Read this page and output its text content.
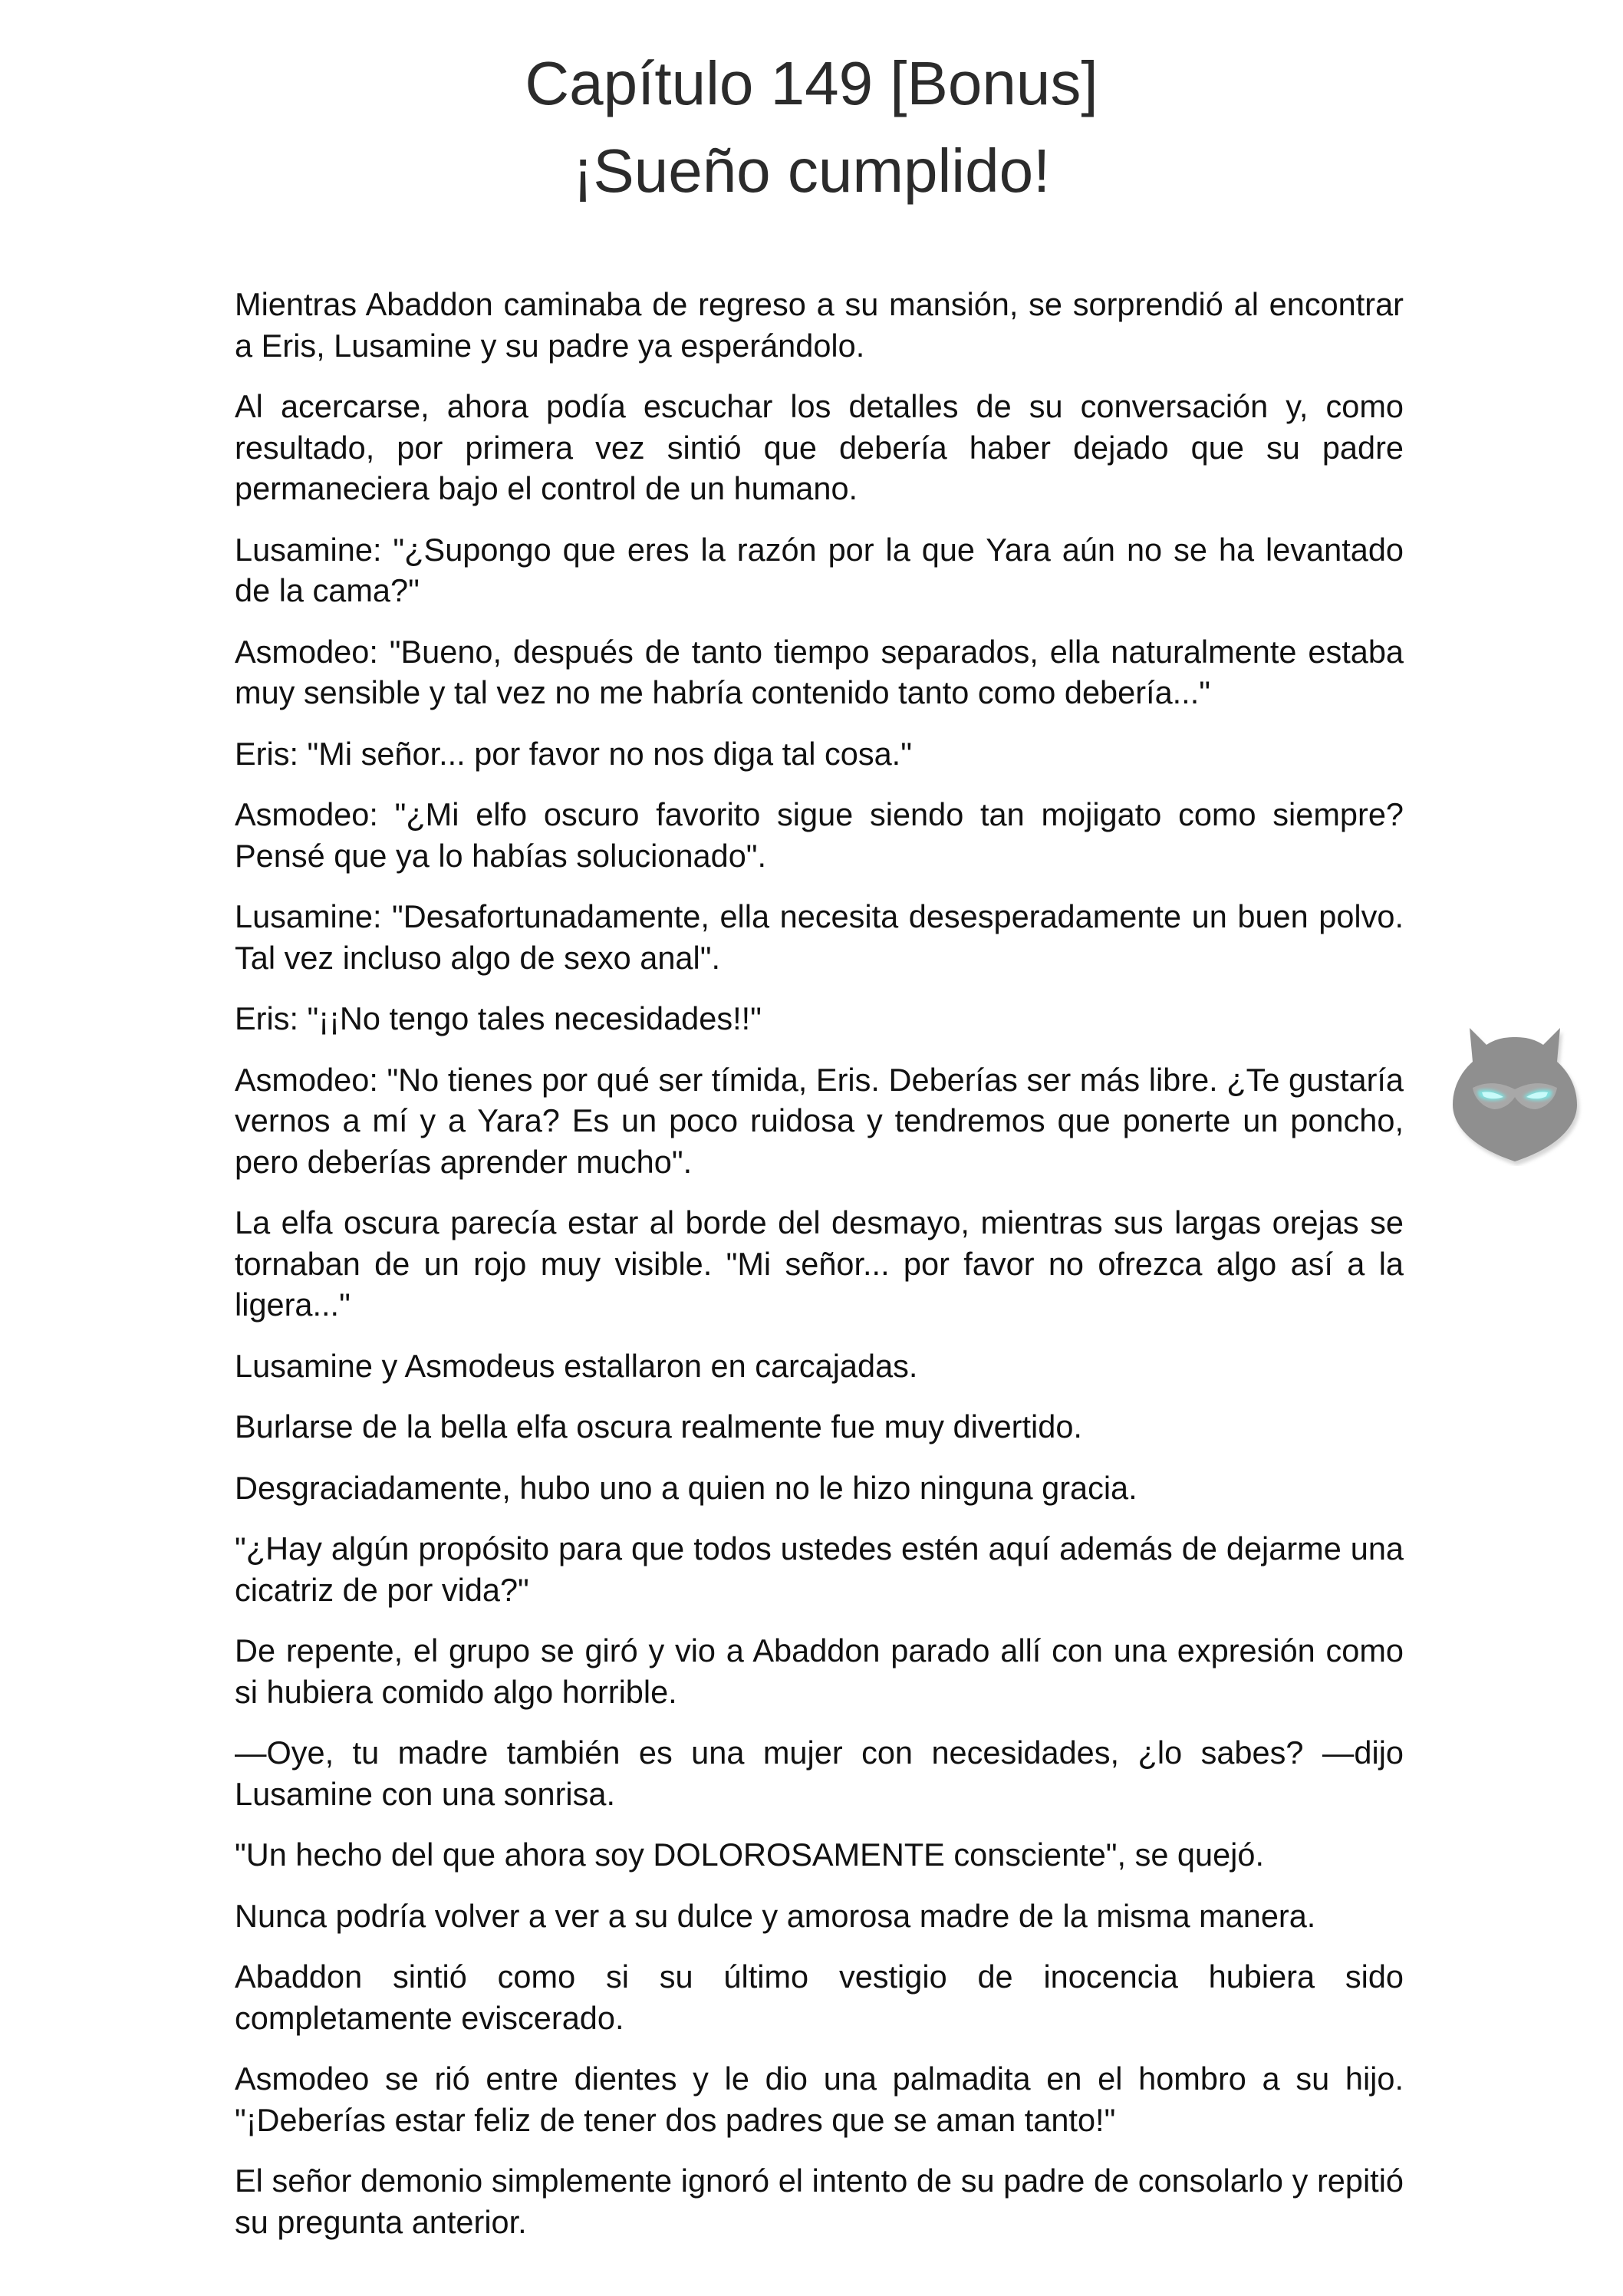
Capítulo 149 [Bonus]
¡Sueño cumplido!

Mientras Abaddon caminaba de regreso a su mansión, se sorprendió al encontrar a Eris, Lusamine y su padre ya esperándolo.

Al acercarse, ahora podía escuchar los detalles de su conversación y, como resultado, por primera vez sintió que debería haber dejado que su padre permaneciera bajo el control de un humano.

Lusamine: "¿Supongo que eres la razón por la que Yara aún no se ha levantado de la cama?"

Asmodeo: "Bueno, después de tanto tiempo separados, ella naturalmente estaba muy sensible y tal vez no me habría contenido tanto como debería..."

Eris: "Mi señor... por favor no nos diga tal cosa."

Asmodeo: "¿Mi elfo oscuro favorito sigue siendo tan mojigato como siempre? Pensé que ya lo habías solucionado".

Lusamine: "Desafortunadamente, ella necesita desesperadamente un buen polvo. Tal vez incluso algo de sexo anal".

Eris: "¡¡No tengo tales necesidades!!"

Asmodeo: "No tienes por qué ser tímida, Eris. Deberías ser más libre. ¿Te gustaría vernos a mí y a Yara? Es un poco ruidosa y tendremos que ponerte un poncho, pero deberías aprender mucho".

La elfa oscura parecía estar al borde del desmayo, mientras sus largas orejas se tornaban de un rojo muy visible. "Mi señor... por favor no ofrezca algo así a la ligera..."

Lusamine y Asmodeus estallaron en carcajadas.

Burlarse de la bella elfa oscura realmente fue muy divertido.

Desgraciadamente, hubo uno a quien no le hizo ninguna gracia.

"¿Hay algún propósito para que todos ustedes estén aquí además de dejarme una cicatriz de por vida?"

De repente, el grupo se giró y vio a Abaddon parado allí con una expresión como si hubiera comido algo horrible.

—Oye, tu madre también es una mujer con necesidades, ¿lo sabes? —dijo Lusamine con una sonrisa.

"Un hecho del que ahora soy DOLOROSAMENTE consciente", se quejó.

Nunca podría volver a ver a su dulce y amorosa madre de la misma manera.

Abaddon sintió como si su último vestigio de inocencia hubiera sido completamente eviscerado.

Asmodeo se rió entre dientes y le dio una palmadita en el hombro a su hijo. "¡Deberías estar feliz de tener dos padres que se aman tanto!"

El señor demonio simplemente ignoró el intento de su padre de consolarlo y repitió su pregunta anterior.
